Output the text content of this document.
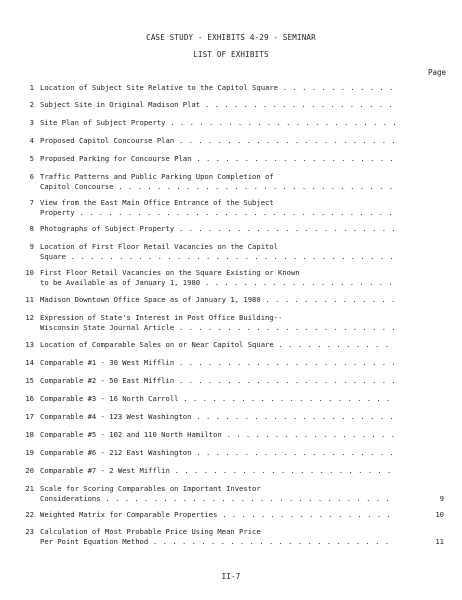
CASE STUDY - EXHIBITS 4-29 - SEMINAR
LIST OF EXHIBITS
Page
1 Location of Subject Site Relative to the Capitol Square . . .
2 Subject Site in Original Madison Plat . . .
3 Site Plan of Subject Property . . .
4 Proposed Capitol Concourse Plan . . .
5 Proposed Parking for Concourse Plan . . .
6 Traffic Patterns and Public Parking Upon Completion of
Capitol Concourse . . .
7 View from the East Main Office Entrance of the Subject
Property . . .
8 Photographs of Subject Property . . .
9 Location of First Floor Retail Vacancies on the Capitol
Square . . .
10 First Floor Retail Vacancies on the Square Existing or Known
to be Available as of January 1, 1980 . . .
11 Madison Downtown Office Space as of January 1, 1980 . . .
12 Expression of State's Interest in Post Office Building--
Wisconsin State Journal Article . . .
13 Location of Comparable Sales on or Near Capitol Square . . .
14 Comparable #1 - 30 West Mifflin . . .
15 Comparable #2 - 50 East Mifflin . . .
16 Comparable #3 - 16 North Carroll . . .
17 Comparable #4 - 123 West Washington . . .
18 Comparable #5 - 102 and 110 North Hamilton . . .
19 Comparable #6 - 212 East Washington . . .
20 Comparable #7 - 2 West Mifflin . . .
21 Scale for Scoring Comparables on Important Investor
Considerations . . .	9
22 Weighted Matrix for Comparable Properties . . .	10
23 Calculation of Most Probable Price Using Mean Price
Per Point Equation Method . . .	11
II-7
